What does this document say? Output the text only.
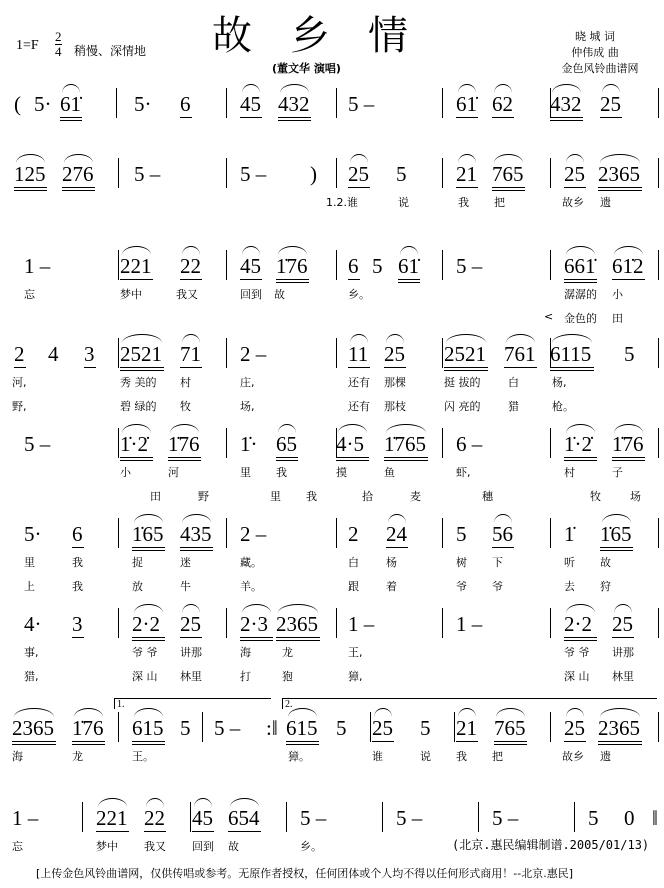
故乡情
$1=F \frac{2}{4}$ 稍慢、深情地
(董文华 演唱)
晓 城 词
仲伟成 曲
金色风铃曲谱网
( 5· 61̇	5· 6 45 432 5 –	61̇ 62 432 25
125 276 5 –	5 – ) 25 5 21 765 25 2365
1.2.谁	说	我 把	故乡 遗
1 –	221 22 45 1̇76 6 5 61̇ 5 –	661̇ 61̇2
忘	梦中	我又	回到 故	乡。	潺潺的 小
< 金色的 田
2 4 3 2521 71 2 –	11 25 2521 761 6115 5
河,	秀 美的 村	庄,	还有 那棵	挺 拔的	白	杨,
野,	碧 绿的 牧	场,	还有 那枝	闪 亮的	猎	枪。
5 –	1̇·2̇ 1̇76 1̇· 65 4·5 1̇765 6 –	1̇·2̇ 1̇76
小	河	里 我	摸	鱼	虾,	村	子
田	野	里 我	拾	麦	穗	牧	场
5· 6 1̇65 435 2 –	2 24 5 56 1̇ 1̇65
里	我	捉	迷	藏。	白 杨	树 下	听 故
上	我	放	牛	羊。	跟 着	爷 爷	去 狩
4· 3 2·2 25 2·3 2365 1 –	1 –	2·2 25
事,	爷 爷 讲那	海	龙	王,	爷 爷 讲那
猎,	深 山 林里	打	狍	獐,	深 山 林里
2365 1̇76 615 5 5 – :‖ 615 5 25 5 21 765 25 2365
海	龙	王。	獐。	谁	说 我 把	故乡 遗
1 –	221 22 45 654 5 –	5 –	5 –	5 0 ‖
忘	梦中 我又 回到 故	乡。
1.	2.
(北京.惠民编辑制谱.2005/01/13)
[上传金色风铃曲谱网，仅供传唱或参考。无原作者授权，任何团体或个人均不得以任何形式商用！--北京.惠民]
